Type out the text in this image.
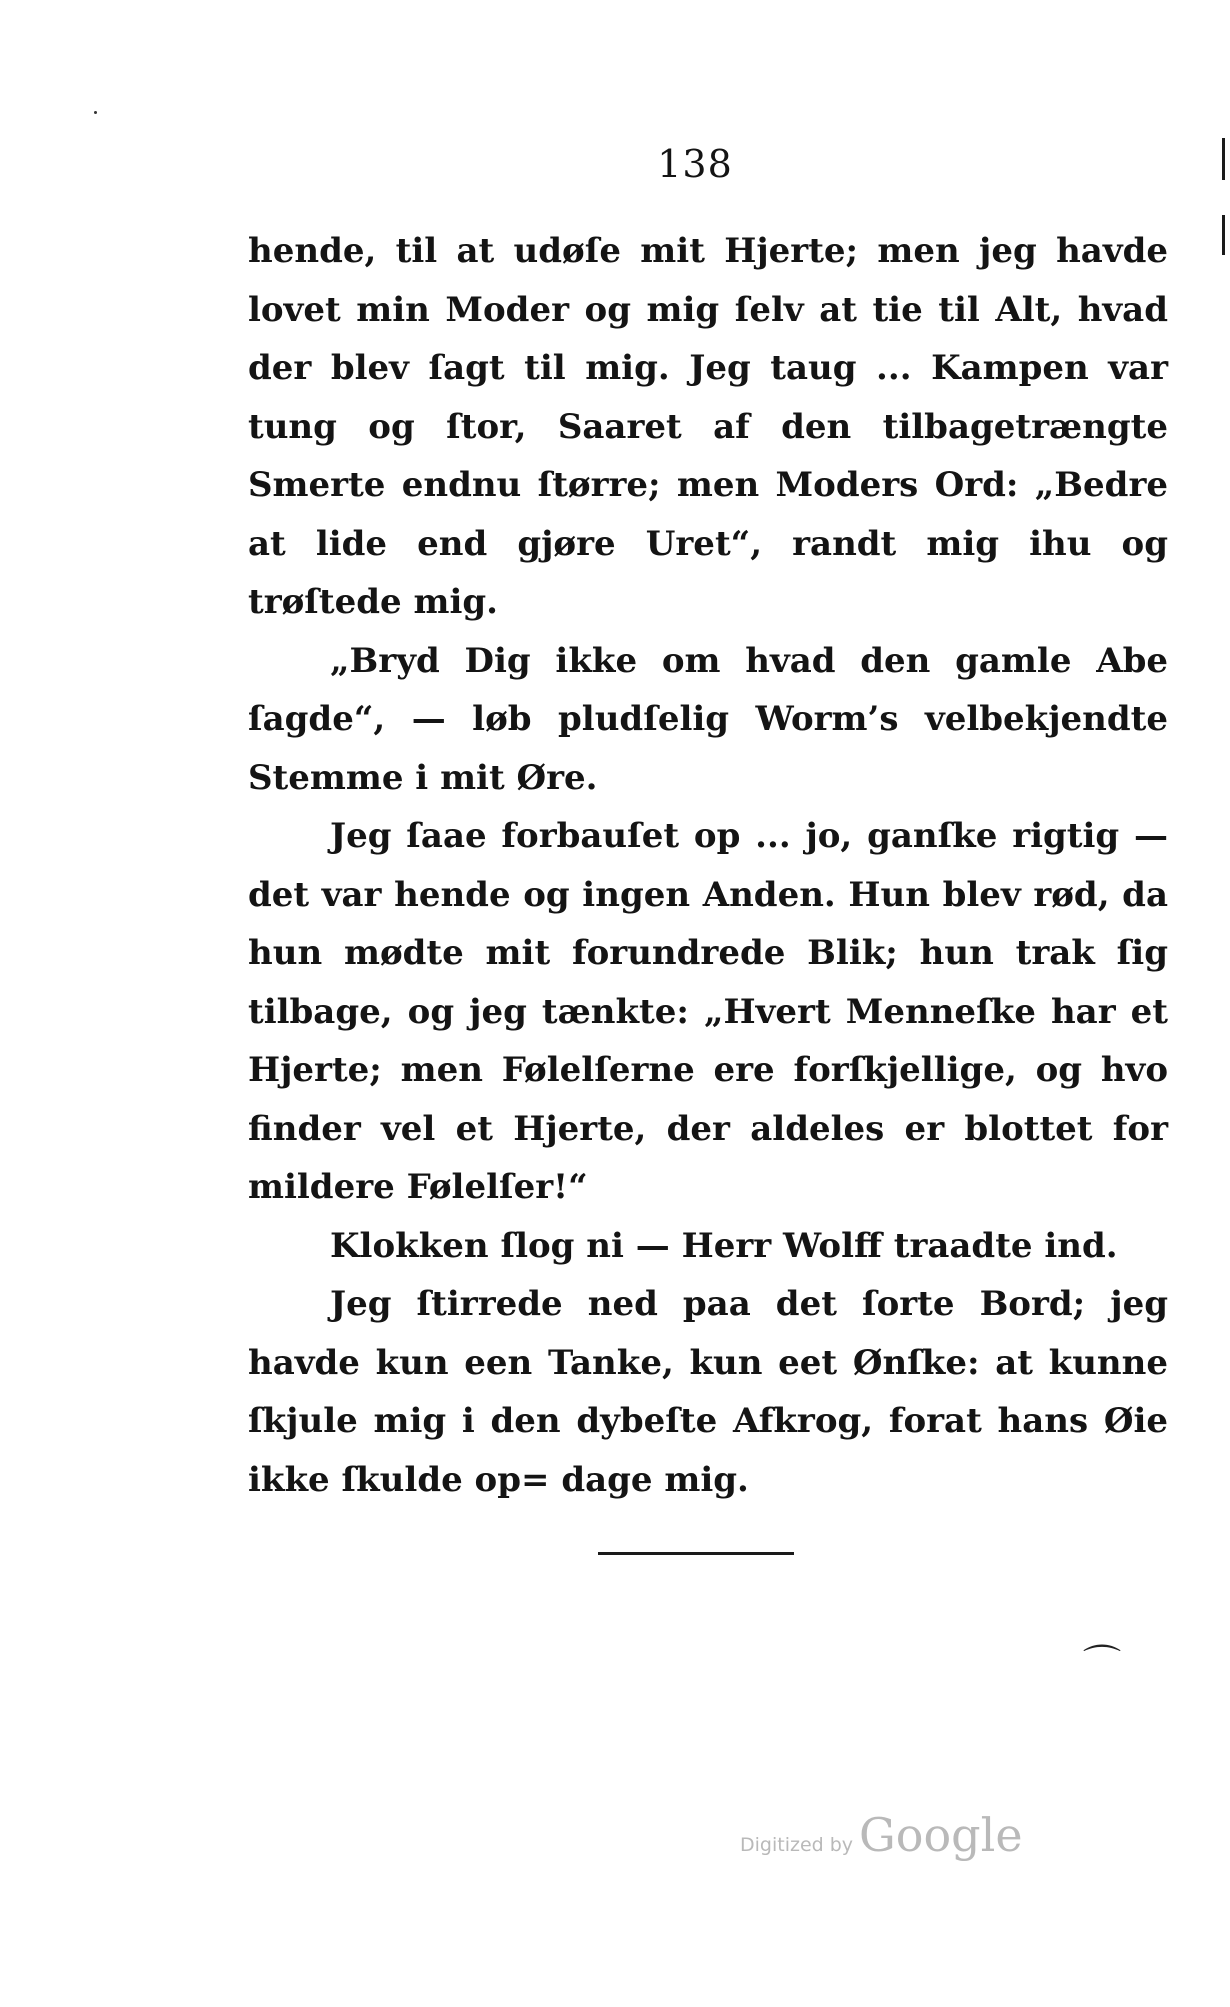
138

hende, til at udøſe mit Hjerte; men jeg havde lovet min Moder og mig ſelv at tie til Alt, hvad der blev ſagt til mig. Jeg taug ... Kampen var tung og ſtor, Saaret af den tilbagetrængte Smerte endnu ſtørre; men Moders Ord: „Bedre at lide end gjøre Uret“, randt mig ihu og trøſtede mig.

„Bryd Dig ikke om hvad den gamle Abe ſagde“, — løb pludſelig Worm’s velbekjendte Stemme i mit Øre.

Jeg ſaae forbauſet op ... jo, ganſke rigtig — det var hende og ingen Anden. Hun blev rød, da hun mødte mit forundrede Blik; hun trak ſig tilbage, og jeg tænkte: „Hvert Menneſke har et Hjerte; men Følelſerne ere forſkjellige, og hvo finder vel et Hjerte, der aldeles er blottet for mildere Følelſer!“

Klokken ſlog ni — Herr Wolff traadte ind.

Jeg ſtirrede ned paa det ſorte Bord; jeg havde kun een Tanke, kun eet Ønſke: at kunne ſkjule mig i den dybeſte Afkrog, forat hans Øie ikke ſkulde op= dage mig.

⌒
Digitized by Google
